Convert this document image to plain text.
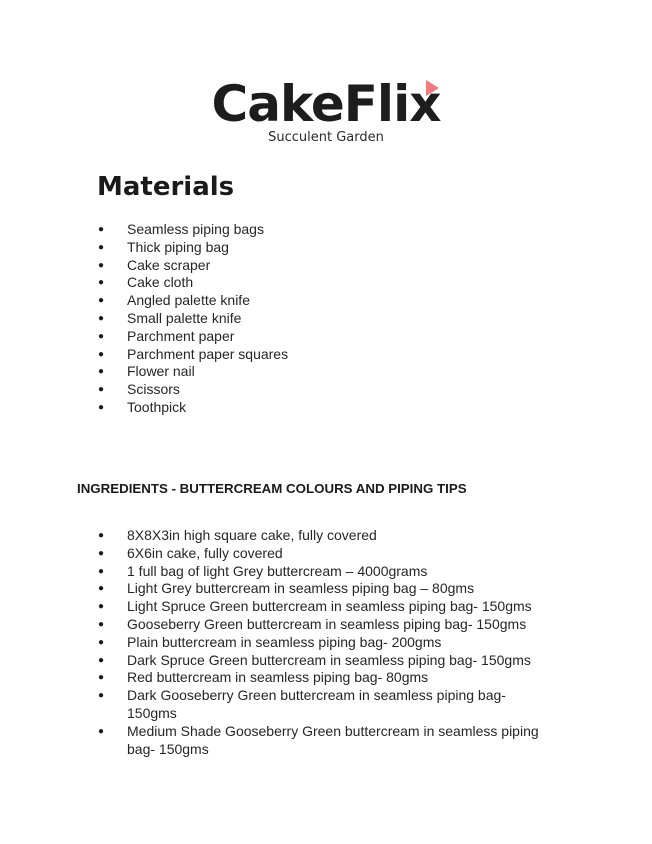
CakeFlix
Succulent Garden
Materials
● Seamless piping bags
● Thick piping bag
● Cake scraper
● Cake cloth
● Angled palette knife
● Small palette knife
● Parchment paper
● Parchment paper squares
● Flower nail
● Scissors
● Toothpick
INGREDIENTS - BUTTERCREAM COLOURS AND PIPING TIPS
● 8X8X3in high square cake, fully covered
● 6X6in cake, fully covered
● 1 full bag of light Grey buttercream – 4000grams
● Light Grey buttercream in seamless piping bag – 80gms
● Light Spruce Green buttercream in seamless piping bag- 150gms
● Gooseberry Green buttercream in seamless piping bag- 150gms
● Plain buttercream in seamless piping bag- 200gms
● Dark Spruce Green buttercream in seamless piping bag- 150gms
● Red buttercream in seamless piping bag- 80gms
● Dark Gooseberry Green buttercream in seamless piping bag- 150gms
● Medium Shade Gooseberry Green buttercream in seamless piping bag- 150gms
